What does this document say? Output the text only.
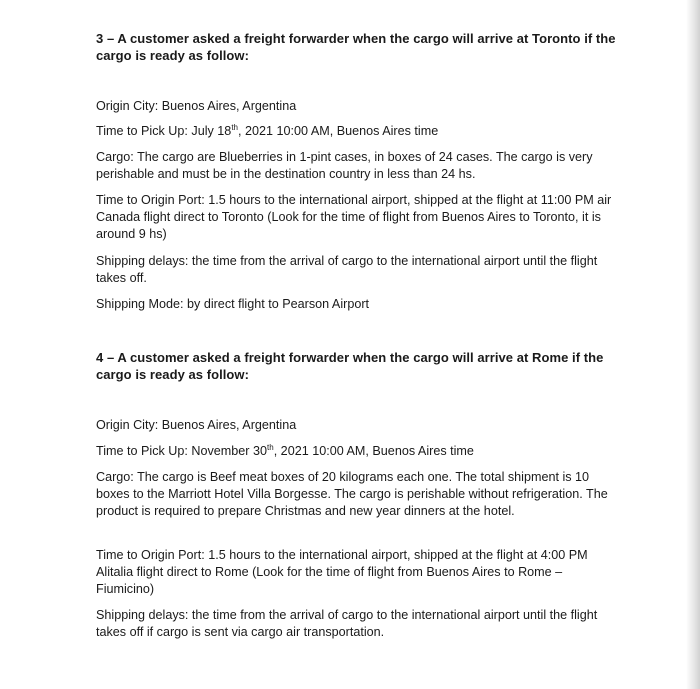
3 – A customer asked a freight forwarder when the cargo will arrive at Toronto if the cargo is ready as follow:
Origin City: Buenos Aires, Argentina
Time to Pick Up: July 18th, 2021 10:00 AM, Buenos Aires time
Cargo: The cargo are Blueberries in 1-pint cases, in boxes of 24 cases. The cargo is very perishable and must be in the destination country in less than 24 hs.
Time to Origin Port: 1.5 hours to the international airport, shipped at the flight at 11:00 PM air Canada flight direct to Toronto (Look for the time of flight from Buenos Aires to Toronto, it is around 9 hs)
Shipping delays: the time from the arrival of cargo to the international airport until the flight takes off.
Shipping Mode: by direct flight to Pearson Airport
4 – A customer asked a freight forwarder when the cargo will arrive at Rome if the cargo is ready as follow:
Origin City: Buenos Aires, Argentina
Time to Pick Up: November 30th, 2021 10:00 AM, Buenos Aires time
Cargo: The cargo is Beef meat boxes of 20 kilograms each one. The total shipment is 10 boxes to the Marriott Hotel Villa Borgesse. The cargo is perishable without refrigeration. The product is required to prepare Christmas and new year dinners at the hotel.
Time to Origin Port: 1.5 hours to the international airport, shipped at the flight at 4:00 PM Alitalia flight direct to Rome (Look for the time of flight from Buenos Aires to Rome – Fiumicino)
Shipping delays: the time from the arrival of cargo to the international airport until the flight takes off if cargo is sent via cargo air transportation.
